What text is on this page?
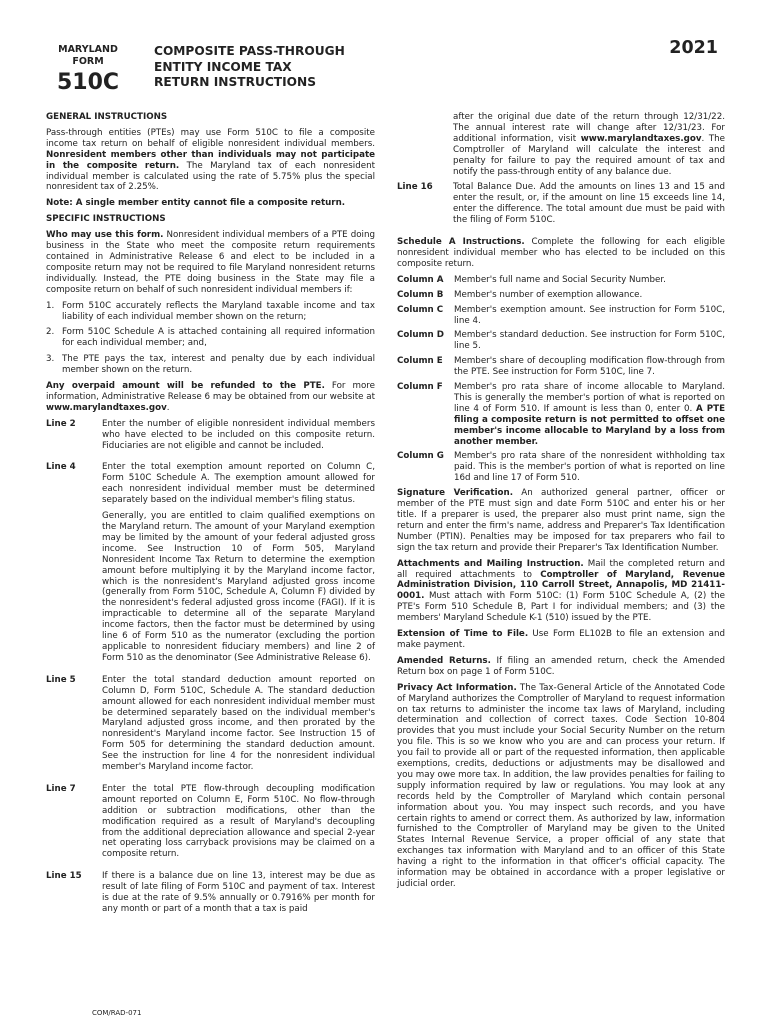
MARYLAND
FORM
510C
COMPOSITE PASS-THROUGH
ENTITY INCOME TAX
RETURN INSTRUCTIONS
2021
GENERAL INSTRUCTIONS

Pass-through entities (PTEs) may use Form 510C to file a composite income tax return on behalf of eligible nonresident individual members. Nonresident members other than individuals may not participate in the composite return. The Maryland tax of each nonresident individual member is calculated using the rate of 5.75% plus the special nonresident tax of 2.25%.

Note: A single member entity cannot file a composite return.
SPECIFIC INSTRUCTIONS

Who may use this form. Nonresident individual members of a PTE doing business in the State who meet the composite return requirements contained in Administrative Release 6 and elect to be included in a composite return may not be required to file Maryland nonresident returns individually. Instead, the PTE doing business in the State may file a composite return on behalf of such nonresident individual members if:

1. Form 510C accurately reflects the Maryland taxable income and tax liability of each individual member shown on the return;
2. Form 510C Schedule A is attached containing all required information for each individual member; and,
3. The PTE pays the tax, interest and penalty due by each individual member shown on the return.

Any overpaid amount will be refunded to the PTE. For more information, Administrative Release 6 may be obtained from our website at www.marylandtaxes.gov.

Line 2	Enter the number of eligible nonresident individual members who have elected to be included on this composite return. Fiduciaries are not eligible and cannot be included.

Line 4	Enter the total exemption amount reported on Column C, Form 510C Schedule A. The exemption amount allowed for each nonresident individual member must be determined separately based on the individual member's filing status.

Generally, you are entitled to claim qualified exemptions on the Maryland return. The amount of your Maryland exemption may be limited by the amount of your federal adjusted gross income. See Instruction 10 of Form 505, Maryland Nonresident Income Tax Return to determine the exemption amount before multiplying it by the Maryland income factor, which is the nonresident's Maryland adjusted gross income (generally from Form 510C, Schedule A, Column F) divided by the nonresident's federal adjusted gross income (FAGI). If it is impracticable to determine all of the separate Maryland income factors, then the factor must be determined by using line 6 of Form 510 as the numerator (excluding the portion applicable to nonresident fiduciary members) and line 2 of Form 510 as the denominator (See Administrative Release 6).

Line 5	Enter the total standard deduction amount reported on Column D, Form 510C, Schedule A. The standard deduction amount allowed for each nonresident individual member must be determined separately based on the individual member's Maryland adjusted gross income, and then prorated by the nonresident's Maryland income factor. See Instruction 15 of Form 505 for determining the standard deduction amount. See the instruction for line 4 for the nonresident individual member's Maryland income factor.

Line 7	Enter the total PTE flow-through decoupling modification amount reported on Column E, Form 510C. No flow-through addition or subtraction modifications, other than the modification required as a result of Maryland's decoupling from the additional depreciation allowance and special 2-year net operating loss carryback provisions may be claimed on a composite return.

Line 15	If there is a balance due on line 13, interest may be due as result of late filing of Form 510C and payment of tax. Interest is due at the rate of 9.5% annually or 0.7916% per month for any month or part of a month that a tax is paid

after the original due date of the return through 12/31/22. The annual interest rate will change after 12/31/23. For additional information, visit www.marylandtaxes.gov. The Comptroller of Maryland will calculate the interest and penalty for failure to pay the required amount of tax and notify the pass-through entity of any balance due.

Line 16	Total Balance Due. Add the amounts on lines 13 and 15 and enter the result, or, if the amount on line 15 exceeds line 14, enter the difference. The total amount due must be paid with the filing of Form 510C.

Schedule A Instructions. Complete the following for each eligible nonresident individual member who has elected to be included on this composite return.

Column A	Member's full name and Social Security Number.
Column B	Member's number of exemption allowance.
Column C	Member's exemption amount. See instruction for Form 510C, line 4.
Column D	Member's standard deduction. See instruction for Form 510C, line 5.
Column E	Member's share of decoupling modification flow-through from the PTE. See instruction for Form 510C, line 7.
Column F	Member's pro rata share of income allocable to Maryland. This is generally the member's portion of what is reported on line 4 of Form 510. If amount is less than 0, enter 0. A PTE filing a composite return is not permitted to offset one member's income allocable to Maryland by a loss from another member.
Column G	Member's pro rata share of the nonresident withholding tax paid. This is the member's portion of what is reported on line 16d and line 17 of Form 510.

Signature Verification. An authorized general partner, officer or member of the PTE must sign and date Form 510C and enter his or her title. If a preparer is used, the preparer also must print name, sign the return and enter the firm's name, address and Preparer's Tax Identification Number (PTIN). Penalties may be imposed for tax preparers who fail to sign the tax return and provide their Preparer's Tax Identification Number.

Attachments and Mailing Instruction. Mail the completed return and all required attachments to Comptroller of Maryland, Revenue Administration Division, 110 Carroll Street, Annapolis, MD 21411-0001. Must attach with Form 510C: (1) Form 510C Schedule A, (2) the PTE's Form 510 Schedule B, Part I for individual members; and (3) the members' Maryland Schedule K-1 (510) issued by the PTE.

Extension of Time to File. Use Form EL102B to file an extension and make payment.

Amended Returns. If filing an amended return, check the Amended Return box on page 1 of Form 510C.

Privacy Act Information. The Tax-General Article of the Annotated Code of Maryland authorizes the Comptroller of Maryland to request information on tax returns to administer the income tax laws of Maryland, including determination and collection of correct taxes. Code Section 10-804 provides that you must include your Social Security Number on the return you file. This is so we know who you are and can process your return. If you fail to provide all or part of the requested information, then applicable exemptions, credits, deductions or adjustments may be disallowed and you may owe more tax. In addition, the law provides penalties for failing to supply information required by law or regulations. You may look at any records held by the Comptroller of Maryland which contain personal information about you. You may inspect such records, and you have certain rights to amend or correct them. As authorized by law, information furnished to the Comptroller of Maryland may be given to the United States Internal Revenue Service, a proper official of any state that exchanges tax information with Maryland and to an officer of this State having a right to the information in that officer's official capacity. The information may be obtained in accordance with a proper legislative or judicial order.

COM/RAD-071
